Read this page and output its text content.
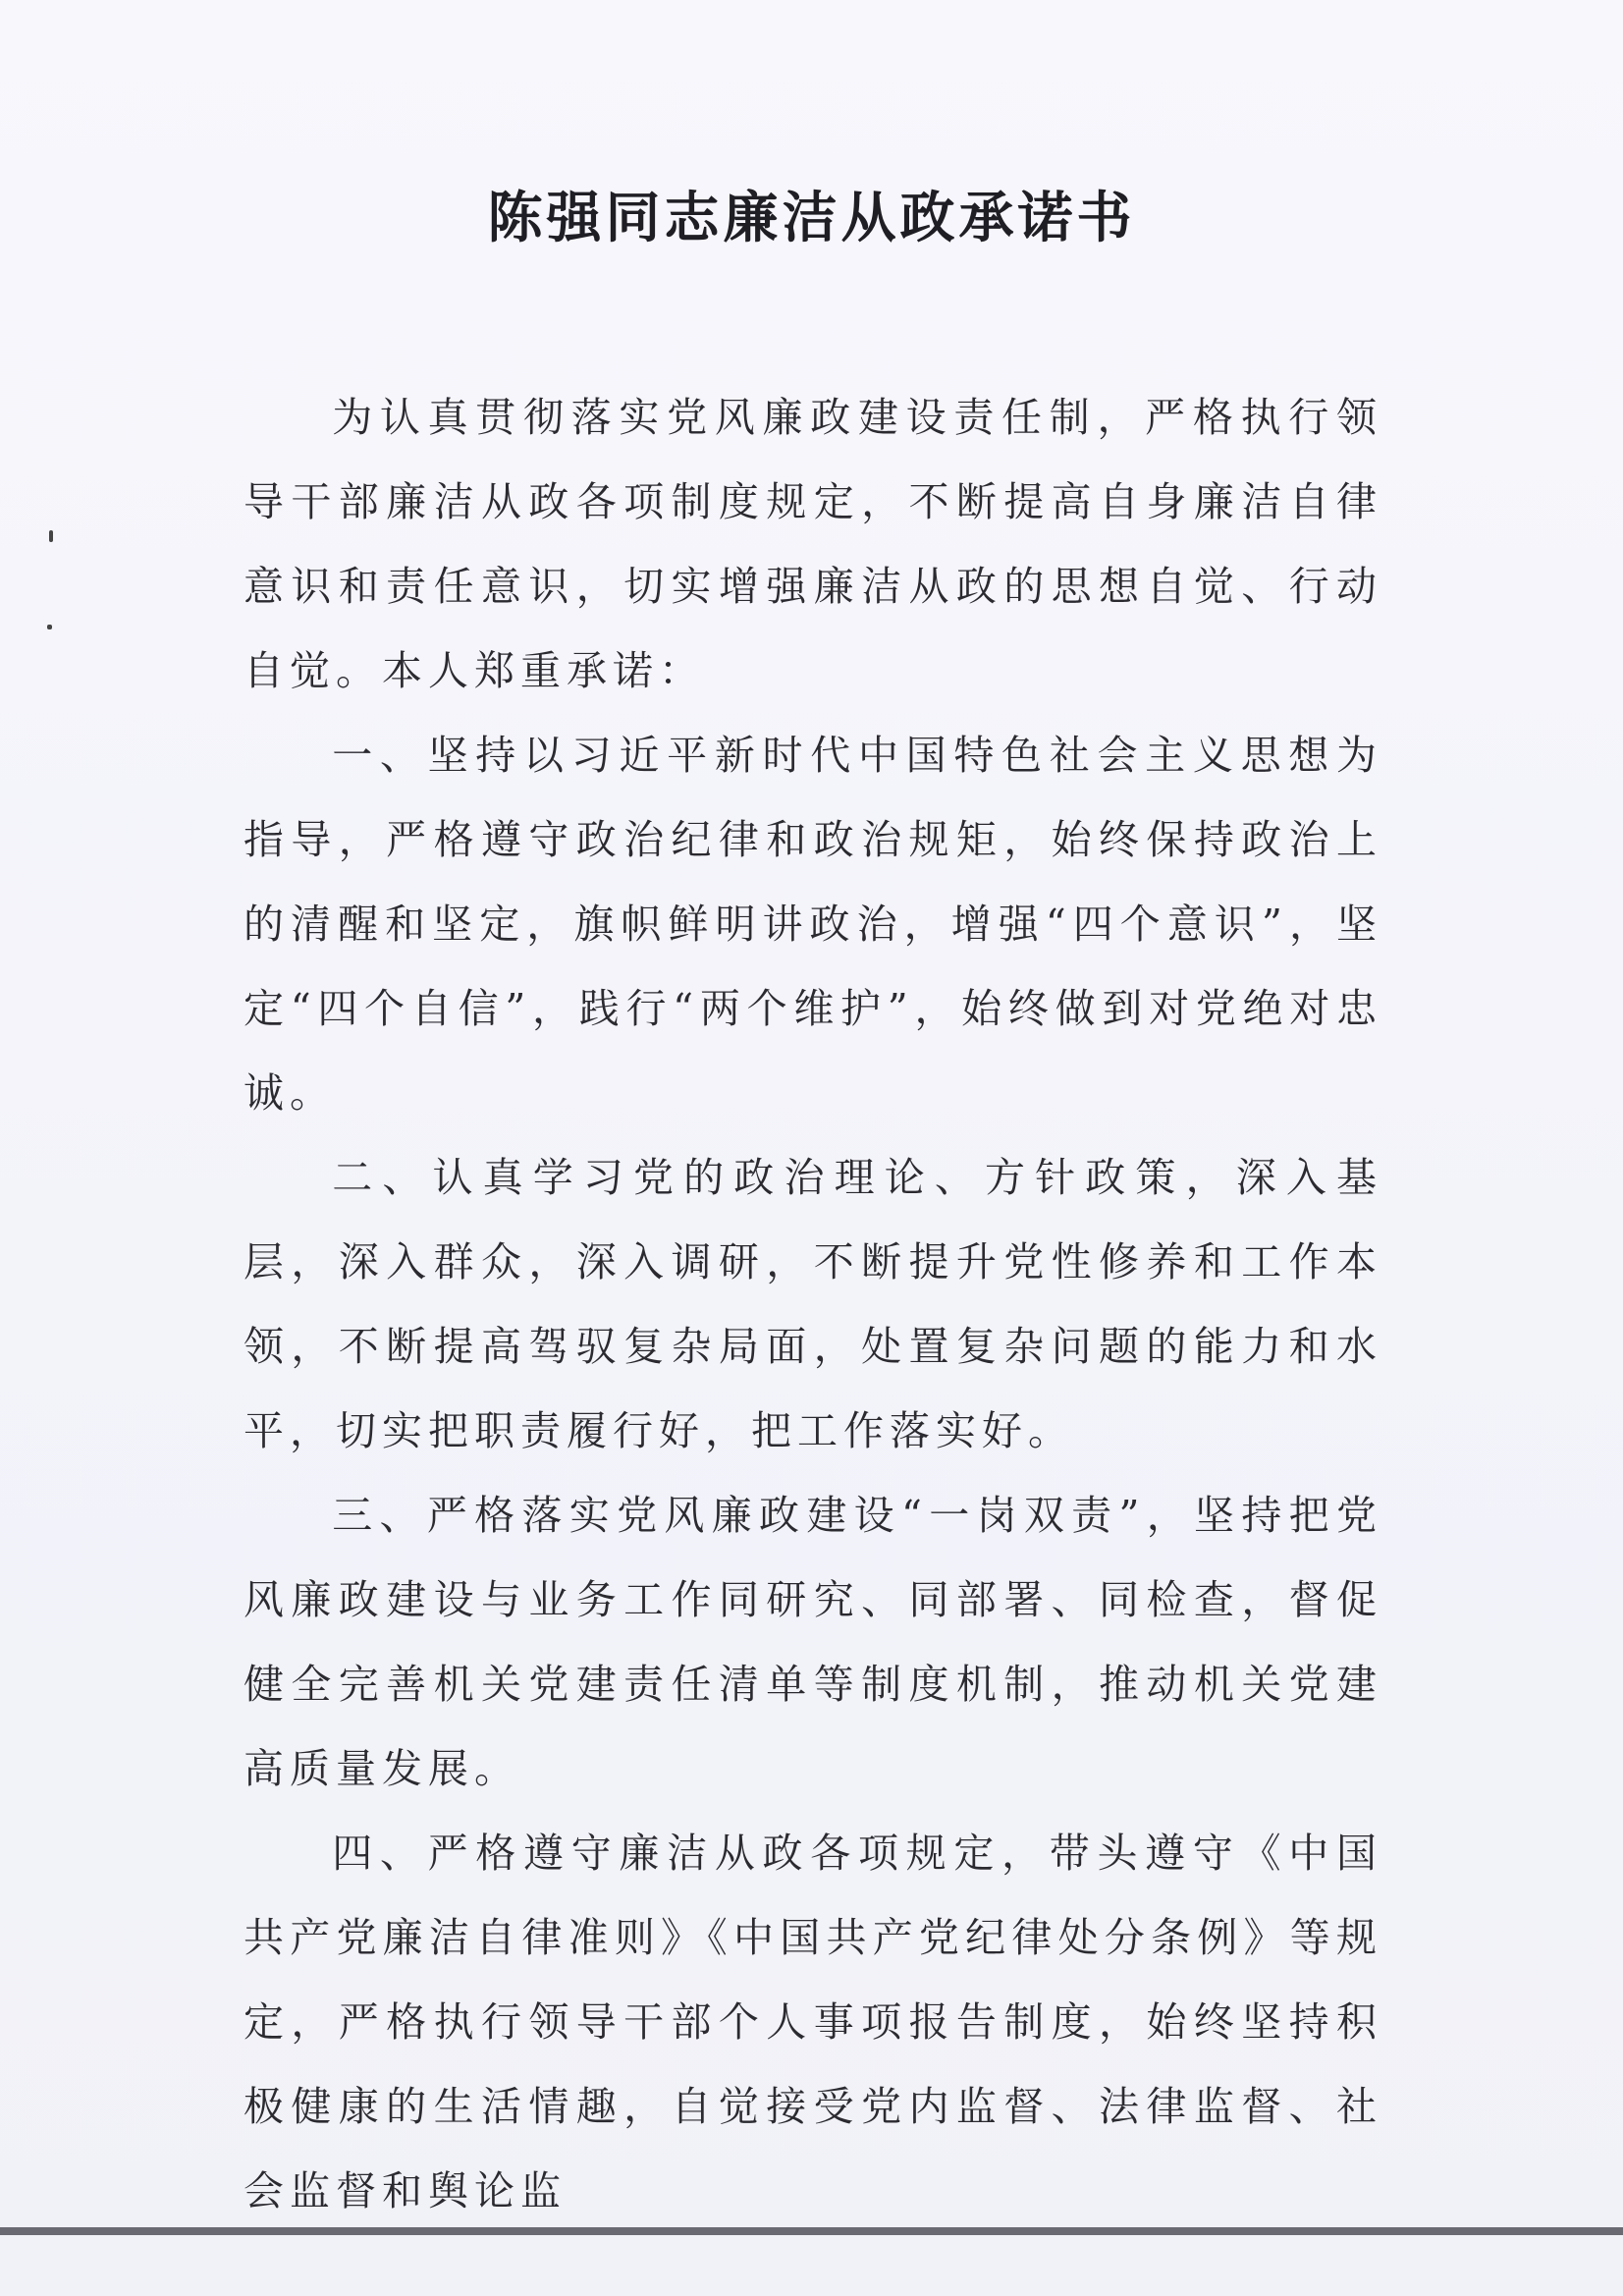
陈强同志廉洁从政承诺书

为认真贯彻落实党风廉政建设责任制，严格执行领导干部廉洁从政各项制度规定，不断提高自身廉洁自律意识和责任意识，切实增强廉洁从政的思想自觉、行动自觉。本人郑重承诺：

一、坚持以习近平新时代中国特色社会主义思想为指导，严格遵守政治纪律和政治规矩，始终保持政治上的清醒和坚定，旗帜鲜明讲政治，增强“四个意识”，坚定“四个自信”，践行“两个维护”，始终做到对党绝对忠诚。

二、认真学习党的政治理论、方针政策，深入基层，深入群众，深入调研，不断提升党性修养和工作本领，不断提高驾驭复杂局面，处置复杂问题的能力和水平，切实把职责履行好，把工作落实好。

三、严格落实党风廉政建设“一岗双责”，坚持把党风廉政建设与业务工作同研究、同部署、同检查，督促健全完善机关党建责任清单等制度机制，推动机关党建高质量发展。

四、严格遵守廉洁从政各项规定，带头遵守《中国共产党廉洁自律准则》《中国共产党纪律处分条例》等规定，严格执行领导干部个人事项报告制度，始终坚持积极健康的生活情趣，自觉接受党内监督、法律监督、社会监督和舆论监
